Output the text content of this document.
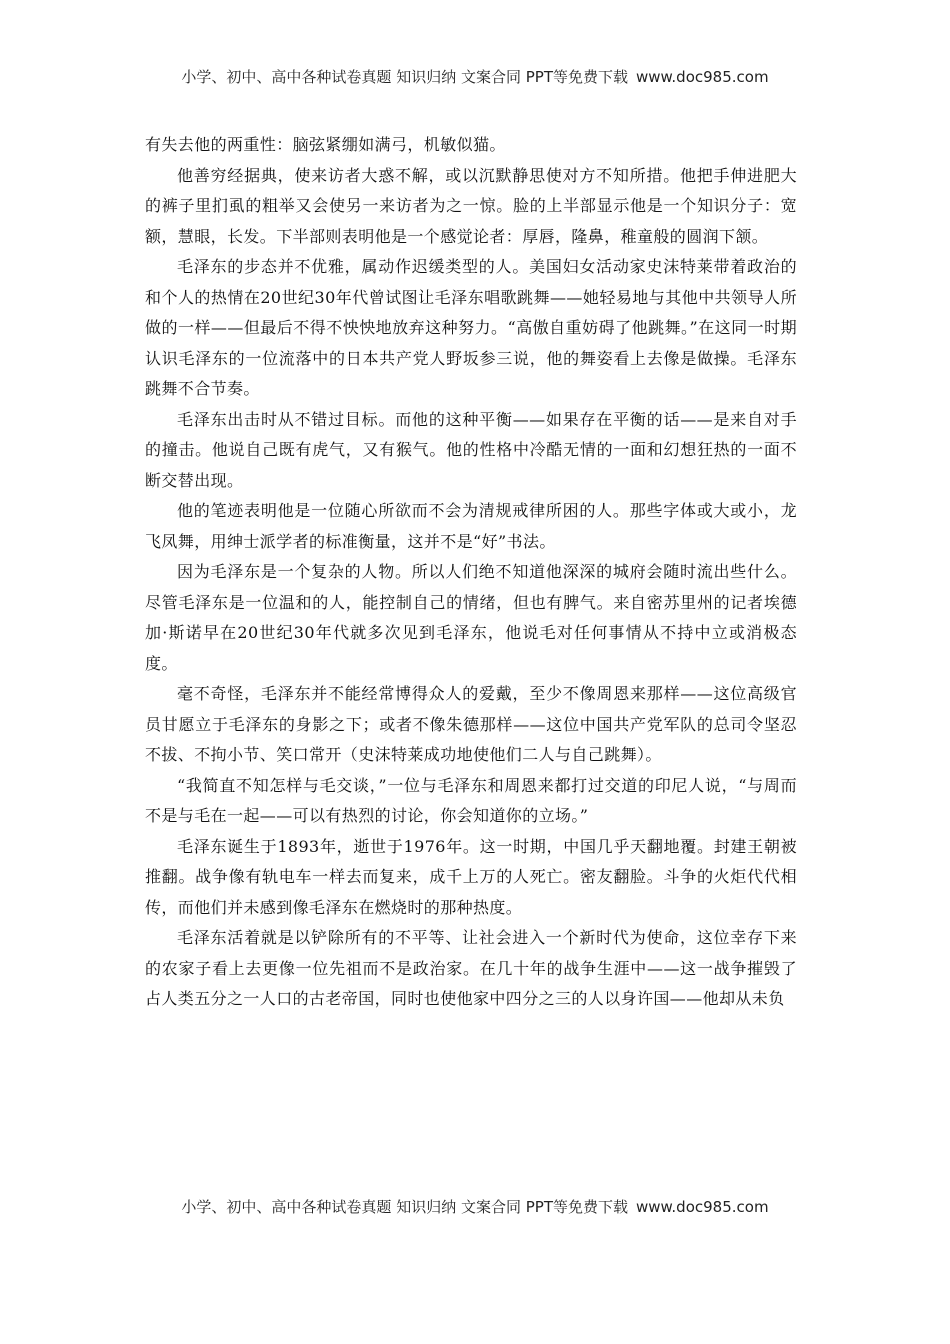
小学、初中、高中各种试卷真题 知识归纳 文案合同 PPT等免费下载 www.doc985.com

有失去他的两重性：脑弦紧绷如满弓，机敏似猫。

他善穷经据典，使来访者大惑不解，或以沉默静思使对方不知所措。他把手伸进肥大的裤子里扪虱的粗举又会使另一来访者为之一惊。脸的上半部显示他是一个知识分子：宽额，慧眼，长发。下半部则表明他是一个感觉论者：厚唇，隆鼻，稚童般的圆润下颔。

毛泽东的步态并不优雅，属动作迟缓类型的人。美国妇女活动家史沫特莱带着政治的和个人的热情在20世纪30年代曾试图让毛泽东唱歌跳舞——她轻易地与其他中共领导人所做的一样——但最后不得不怏怏地放弃这种努力。“高傲自重妨碍了他跳舞。”在这同一时期认识毛泽东的一位流落中的日本共产党人野坂参三说，他的舞姿看上去像是做操。毛泽东跳舞不合节奏。

毛泽东出击时从不错过目标。而他的这种平衡——如果存在平衡的话——是来自对手的撞击。他说自己既有虎气，又有猴气。他的性格中冷酷无情的一面和幻想狂热的一面不断交替出现。

他的笔迹表明他是一位随心所欲而不会为清规戒律所困的人。那些字体或大或小，龙飞凤舞，用绅士派学者的标准衡量，这并不是“好”书法。

因为毛泽东是一个复杂的人物。所以人们绝不知道他深深的城府会随时流出些什么。尽管毛泽东是一位温和的人，能控制自己的情绪，但也有脾气。来自密苏里州的记者埃德加·斯诺早在20世纪30年代就多次见到毛泽东，他说毛对任何事情从不持中立或消极态度。

毫不奇怪，毛泽东并不能经常博得众人的爱戴，至少不像周恩来那样——这位高级官员甘愿立于毛泽东的身影之下；或者不像朱德那样——这位中国共产党军队的总司令坚忍不拔、不拘小节、笑口常开（史沫特莱成功地使他们二人与自己跳舞）。

“我简直不知怎样与毛交谈，”一位与毛泽东和周恩来都打过交道的印尼人说，“与周而不是与毛在一起——可以有热烈的讨论，你会知道你的立场。”

毛泽东诞生于1893年，逝世于1976年。这一时期，中国几乎天翻地覆。封建王朝被推翻。战争像有轨电车一样去而复来，成千上万的人死亡。密友翻脸。斗争的火炬代代相传，而他们并未感到像毛泽东在燃烧时的那种热度。

毛泽东活着就是以铲除所有的不平等、让社会进入一个新时代为使命，这位幸存下来的农家子看上去更像一位先祖而不是政治家。在几十年的战争生涯中——这一战争摧毁了占人类五分之一人口的古老帝国，同时也使他家中四分之三的人以身许国——他却从未负

小学、初中、高中各种试卷真题 知识归纳 文案合同 PPT等免费下载 www.doc985.com
